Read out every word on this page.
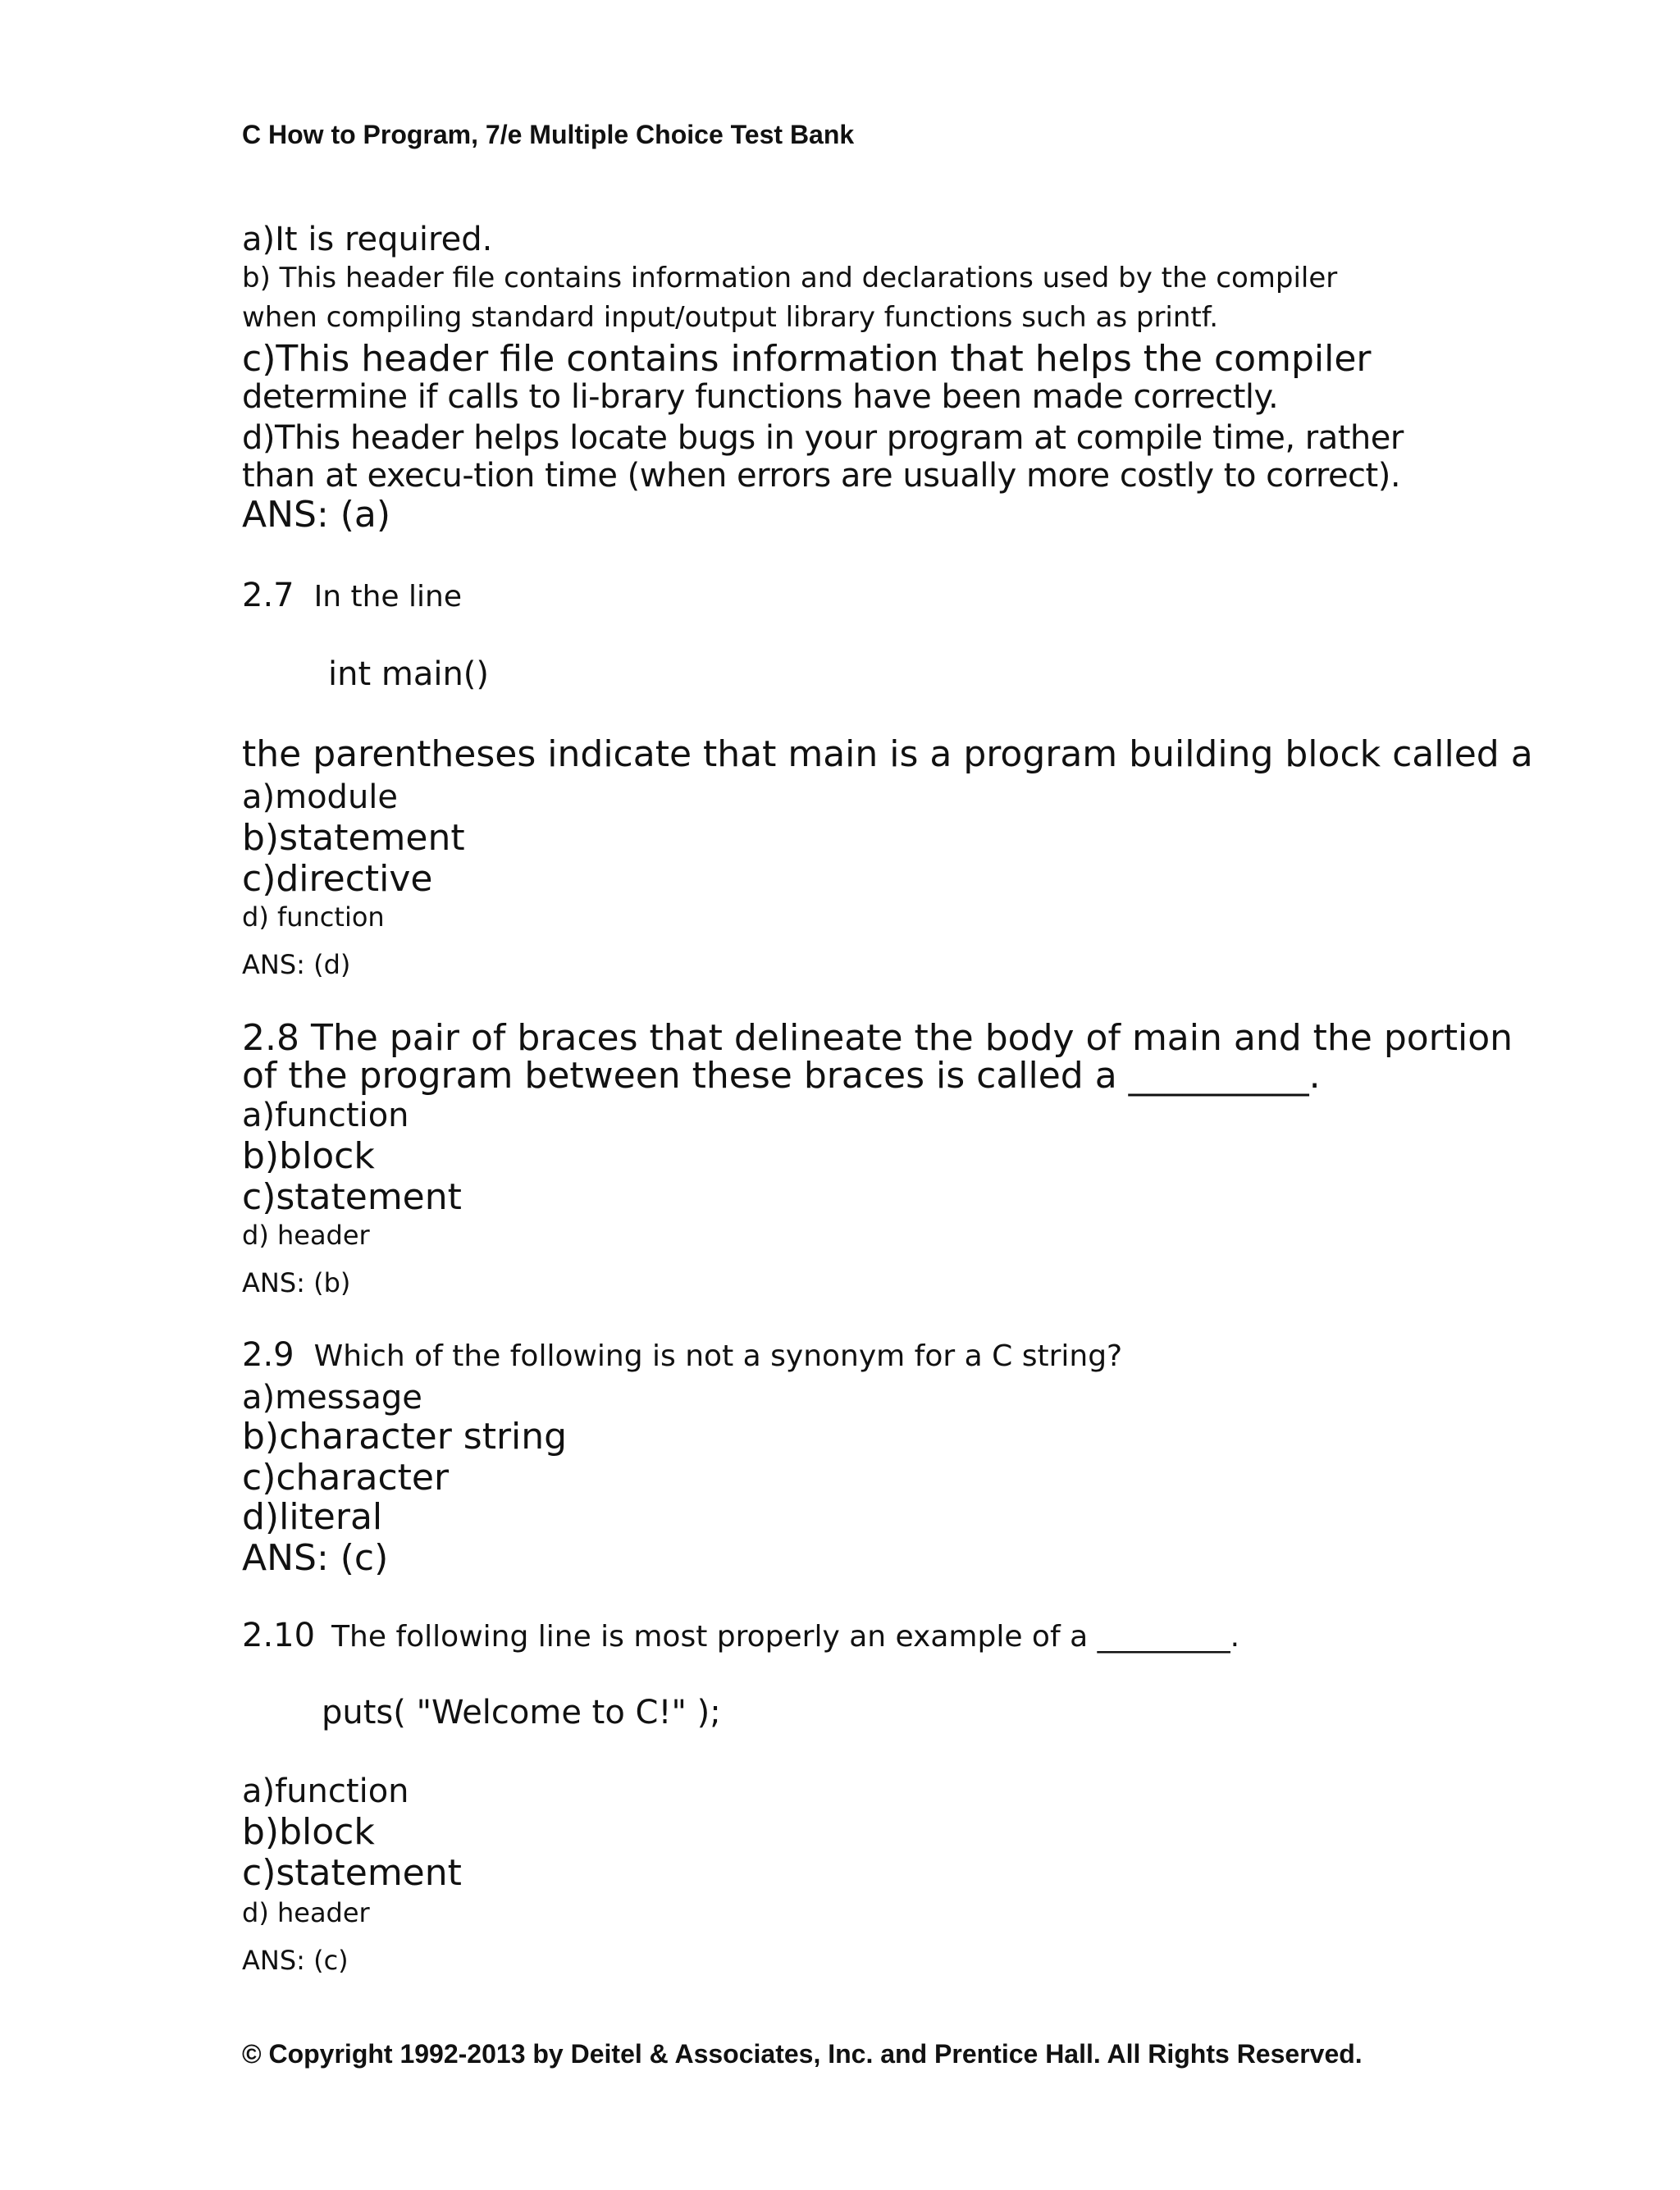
C How to Program, 7/e Multiple Choice Test Bank
a)It is required.
b) This header file contains information and declarations used by the compiler
when compiling standard input/output library functions such as printf.
c)This header file contains information that helps the compiler
determine if calls to li-brary functions have been made correctly.
d)This header helps locate bugs in your program at compile time, rather
than at execu-tion time (when errors are usually more costly to correct).
ANS: (a)
2.7 In the line
int main()
the parentheses indicate that main is a program building block called a
a)module
b)statement
c)directive
d) function
ANS: (d)
2.8 The pair of braces that delineate the body of main and the portion
of the program between these braces is called a __________.
a)function
b)block
c)statement
d) header
ANS: (b)
2.9 Which of the following is not a synonym for a C string?
a)message
b)character string
c)character
d)literal
ANS: (c)
2.10 The following line is most properly an example of a _________.
puts( "Welcome to C!" );
a)function
b)block
c)statement
d) header
ANS: (c)
© Copyright 1992-2013 by Deitel & Associates, Inc. and Prentice Hall. All Rights Reserved.
